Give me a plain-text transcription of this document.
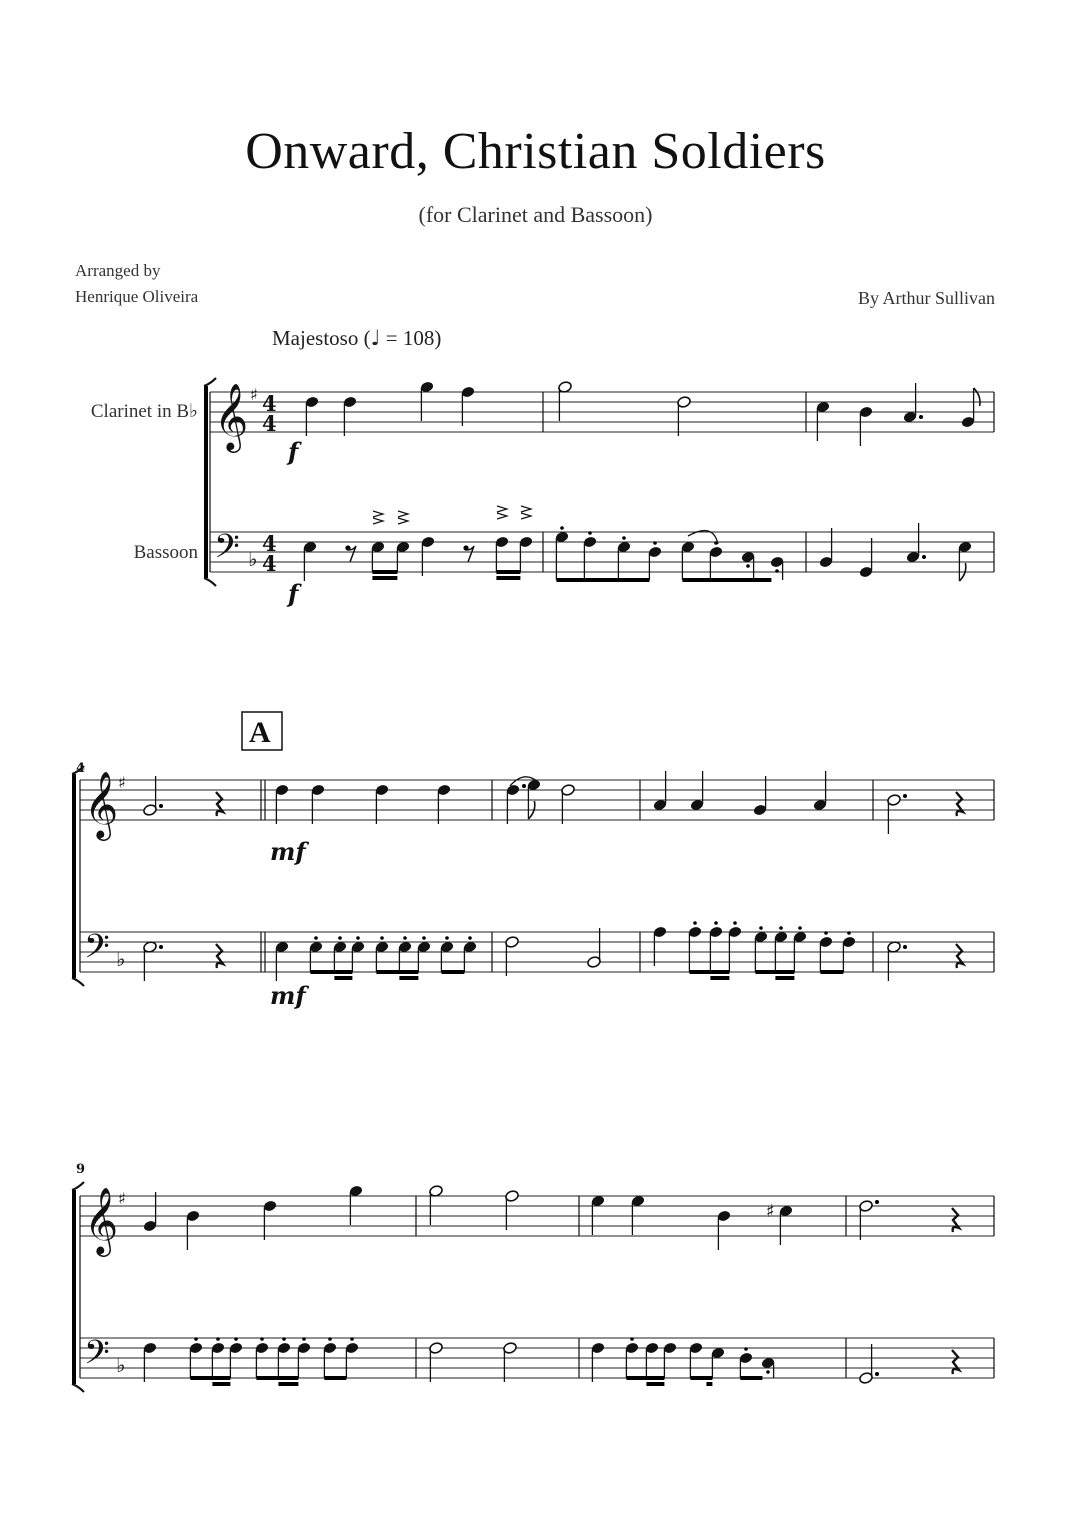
Onward, Christian Soldiers
(for Clarinet and Bassoon)
Arranged by
Henrique Oliveira	By Arthur Sullivan
Majestoso (♩ = 108)
Clarinet in B♭
Bassoon
𝄞 ♯ 4
4
𝄢 ♭
4
4
f
f
4
A
𝄞 ♯
𝄢 ♭
mf
mf
9
𝄞 ♯
𝄢 ♭
♯
